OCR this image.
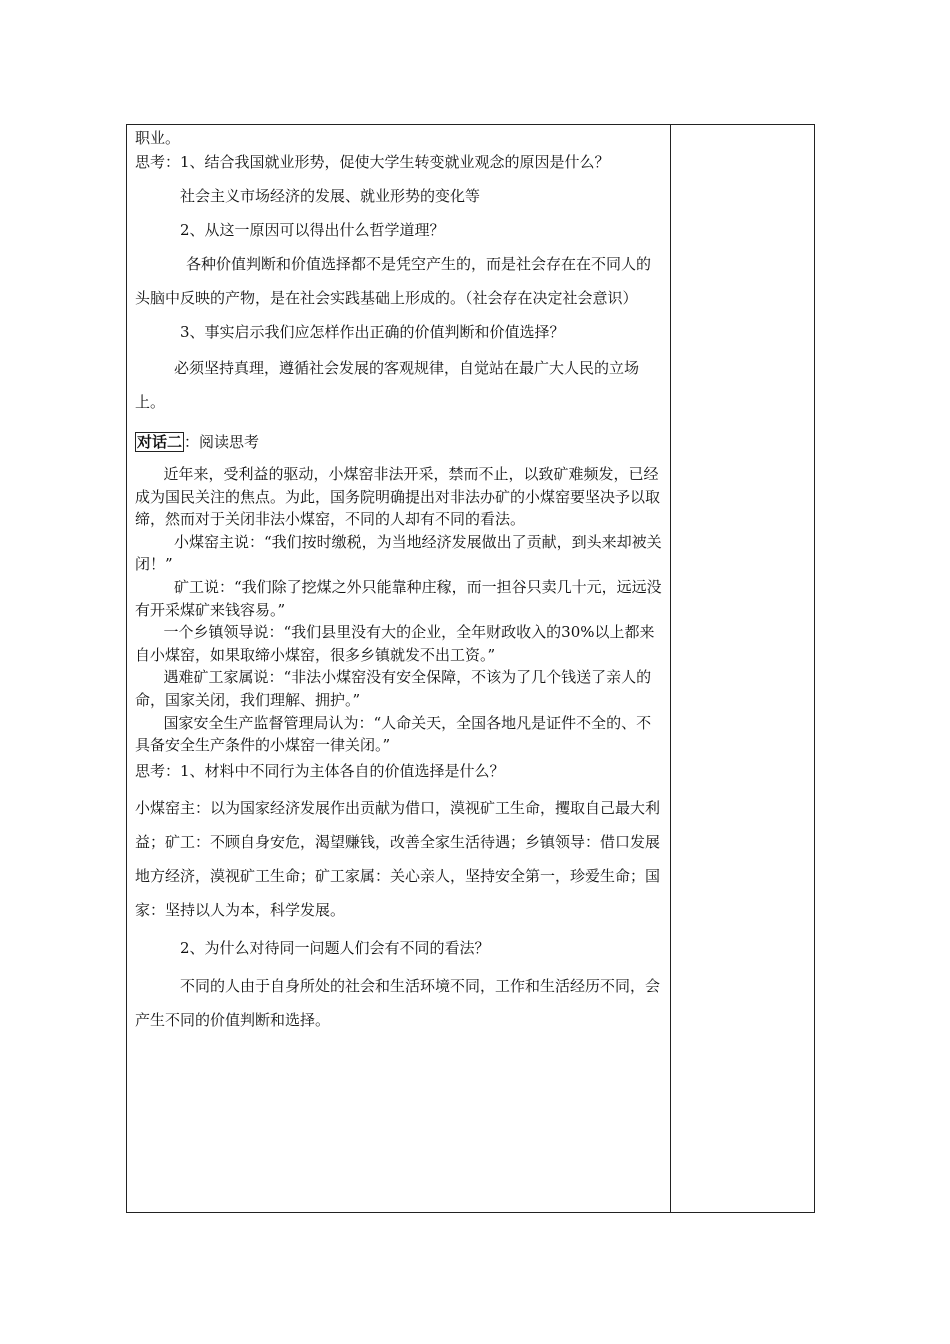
职业。

思考：1、结合我国就业形势，促使大学生转变就业观念的原因是什么？

社会主义市场经济的发展、就业形势的变化等

2、从这一原因可以得出什么哲学道理？

各种价值判断和价值选择都不是凭空产生的，而是社会存在在不同人的头脑中反映的产物，是在社会实践基础上形成的。（社会存在决定社会意识）

3、事实启示我们应怎样作出正确的价值判断和价值选择？

必须坚持真理，遵循社会发展的客观规律，自觉站在最广大人民的立场上。

对话二 ：阅读思考

近年来，受利益的驱动，小煤窑非法开采，禁而不止，以致矿难频发，已经成为国民关注的焦点。为此，国务院明确提出对非法办矿的小煤窑要坚决予以取缔，然而对于关闭非法小煤窑，不同的人却有不同的看法。

小煤窑主说：“我们按时缴税，为当地经济发展做出了贡献，到头来却被关闭！”

矿工说：“我们除了挖煤之外只能靠种庄稼，而一担谷只卖几十元，远远没有开采煤矿来钱容易。”

一个乡镇领导说：“我们县里没有大的企业，全年财政收入的30%以上都来自小煤窑，如果取缔小煤窑，很多乡镇就发不出工资。”

遇难矿工家属说：“非法小煤窑没有安全保障，不该为了几个钱送了亲人的命，国家关闭，我们理解、拥护。”

国家安全生产监督管理局认为：“人命关天，全国各地凡是证件不全的、不具备安全生产条件的小煤窑一律关闭。”

思考：1、材料中不同行为主体各自的价值选择是什么？

小煤窑主：以为国家经济发展作出贡献为借口，漠视矿工生命，攫取自己最大利益；矿工：不顾自身安危，渴望赚钱，改善全家生活待遇；乡镇领导：借口发展地方经济，漠视矿工生命；矿工家属：关心亲人，坚持安全第一，珍爱生命；国家：坚持以人为本，科学发展。

2、为什么对待同一问题人们会有不同的看法？

不同的人由于自身所处的社会和生活环境不同，工作和生活经历不同，会产生不同的价值判断和选择。
